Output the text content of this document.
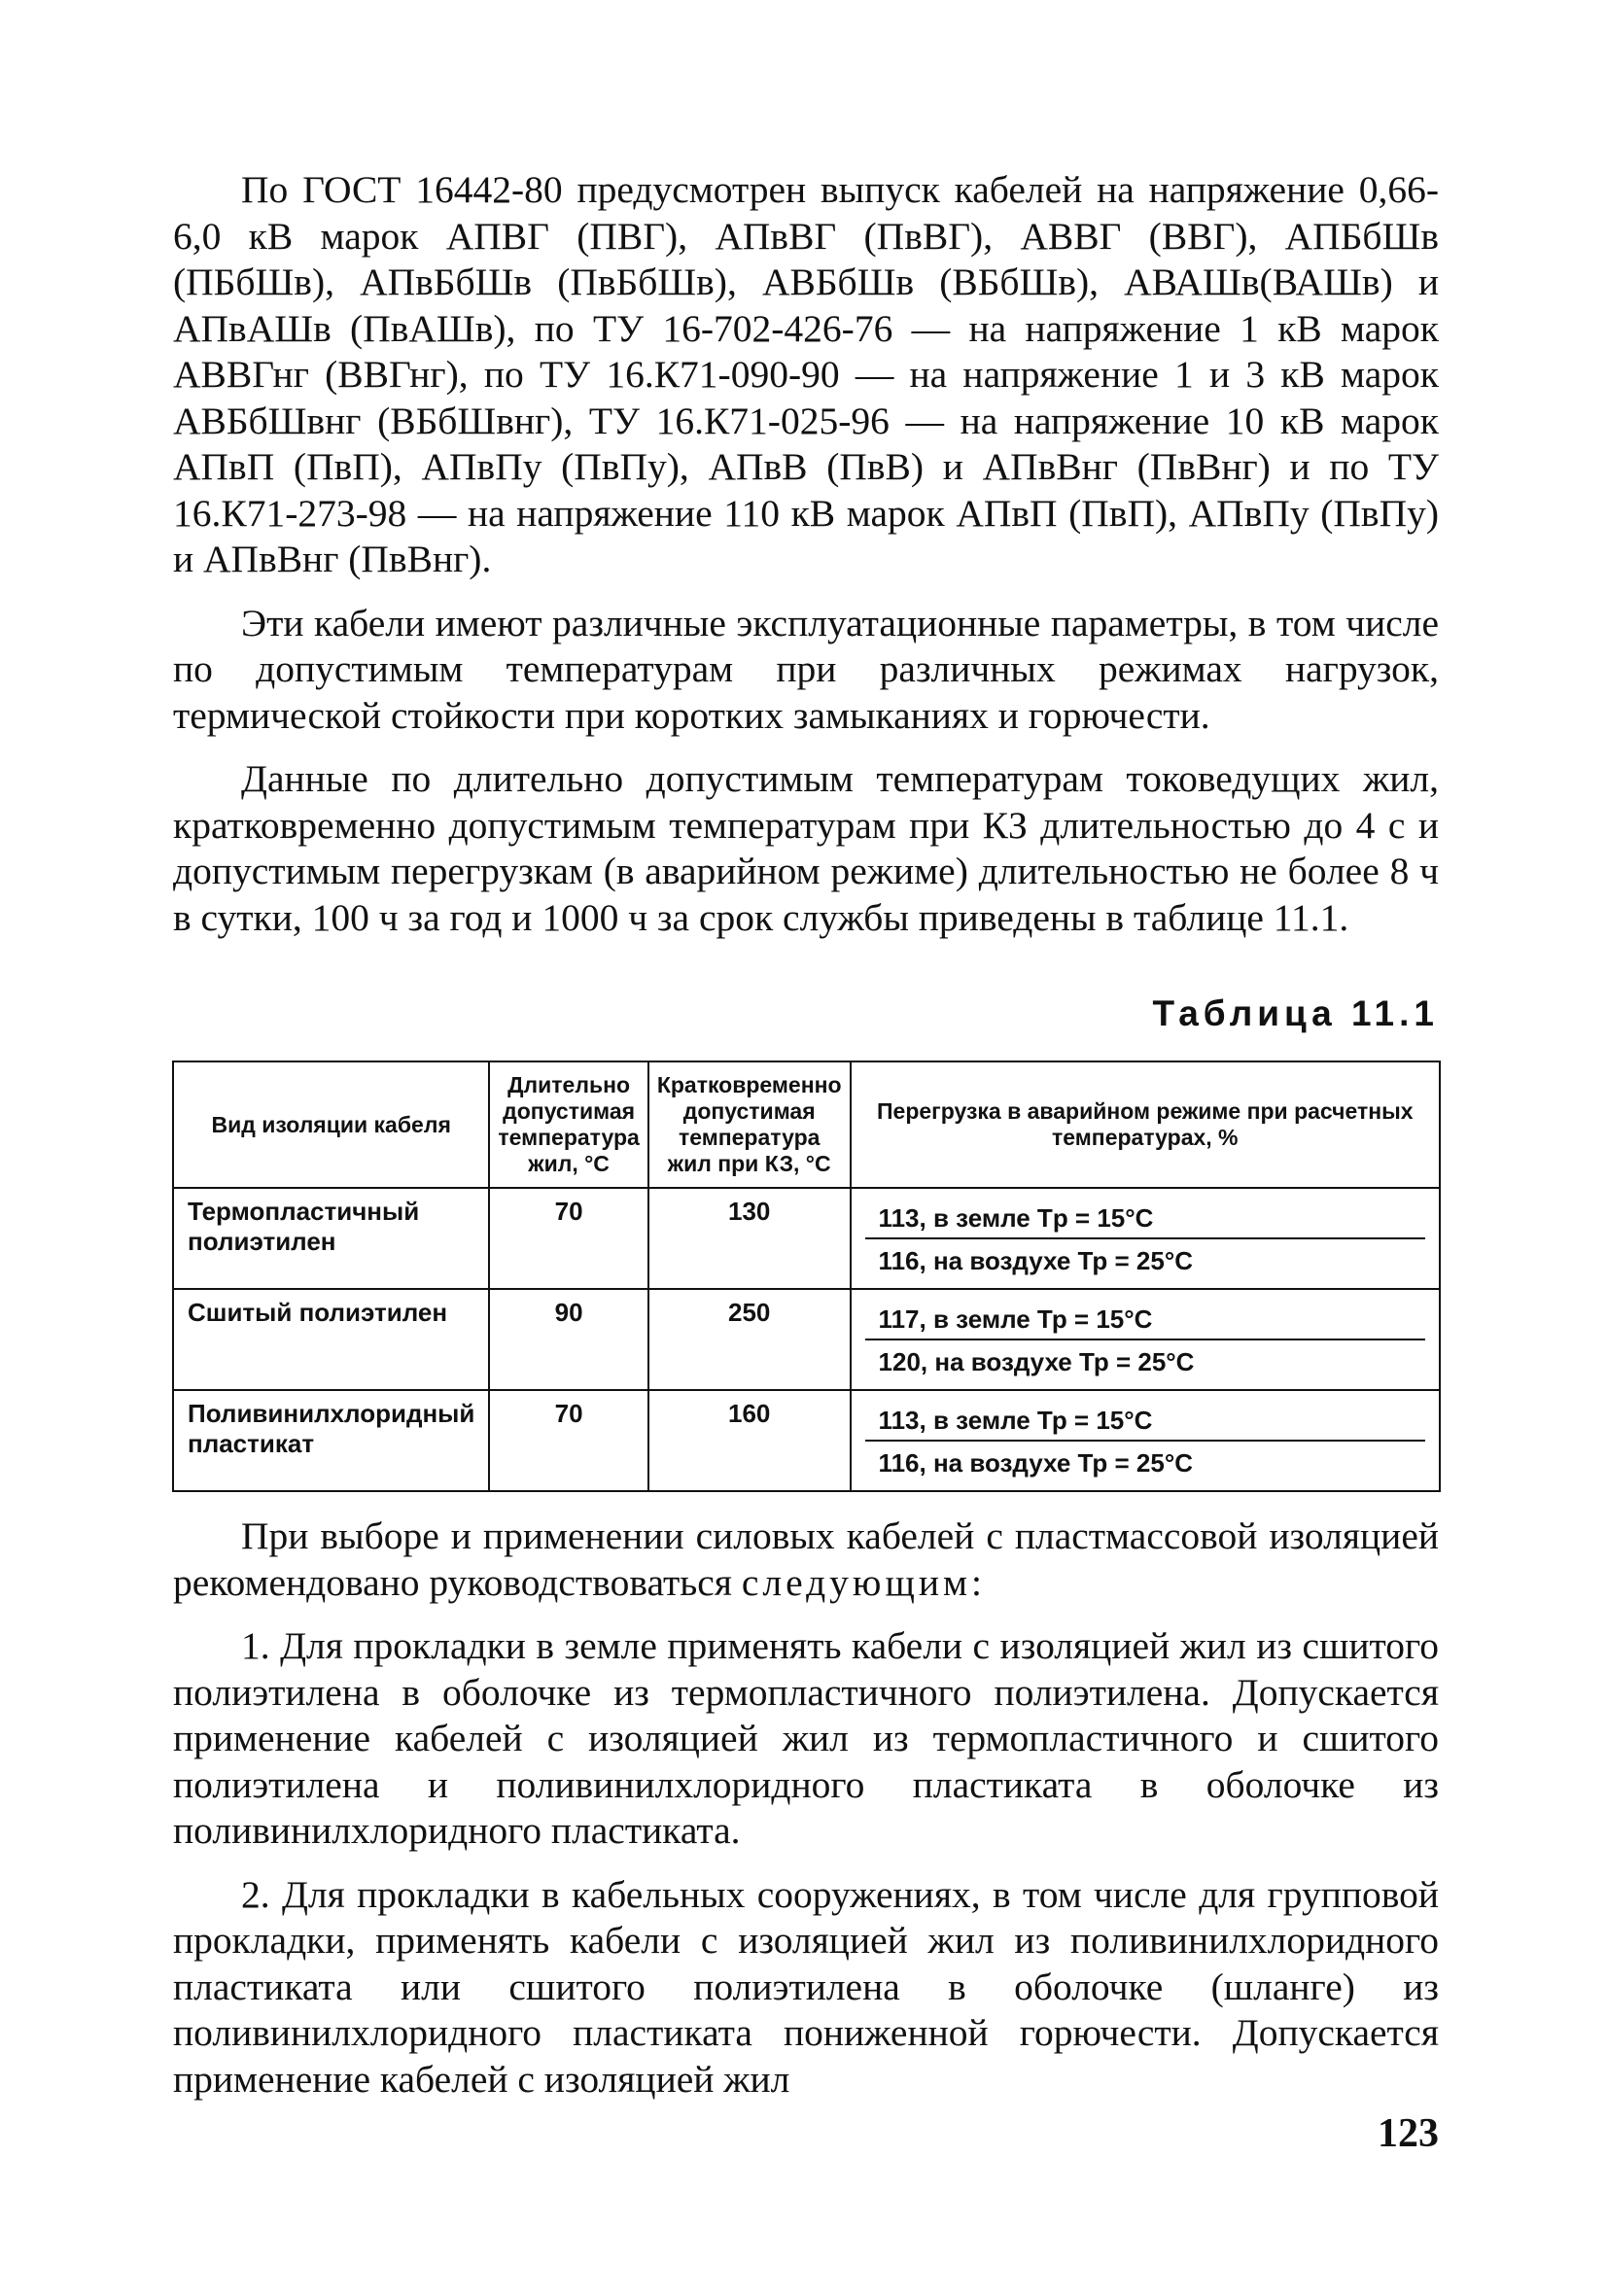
По ГОСТ 16442-80 предусмотрен выпуск кабелей на напряжение 0,66-6,0 кВ марок АПВГ (ПВГ), АПвВГ (ПвВГ), АВВГ (ВВГ), АПБбШв (ПБбШв), АПвБбШв (ПвБбШв), АВБбШв (ВБбШв), АВАШв(ВАШв) и АПвАШв (ПвАШв), по ТУ 16-702-426-76 — на напряжение 1 кВ марок АВВГнг (ВВГнг), по ТУ 16.К71-090-90 — на напряжение 1 и 3 кВ марок АВБбШвнг (ВБбШвнг), ТУ 16.К71-025-96 — на напряжение 10 кВ марок АПвП (ПвП), АПвПу (ПвПу), АПвВ (ПвВ) и АПвВнг (ПвВнг) и по ТУ 16.К71-273-98 — на напряжение 110 кВ марок АПвП (ПвП), АПвПу (ПвПу) и АПвВнг (ПвВнг).

Эти кабели имеют различные эксплуатационные параметры, в том числе по допустимым температурам при различных режимах нагрузок, термической стойкости при коротких замыканиях и горючести.

Данные по длительно допустимым температурам токоведущих жил, кратковременно допустимым температурам при КЗ длительностью до 4 с и допустимым перегрузкам (в аварийном режиме) длительностью не более 8 ч в сутки, 100 ч за год и 1000 ч за срок службы приведены в таблице 11.1.

Таблица 11.1
Вид изоляции кабеля	Длительно допустимая температура жил, °С	Кратковременно допустимая температура жил при КЗ, °С	Перегрузка в аварийном режиме при расчетных температурах, %
Термопластичный полиэтилен	70	130	113, в земле Tр = 15°С
116, на воздухе Тр = 25°С

Сшитый полиэтилен	90	250	117, в земле Тр = 15°С
120, на воздухе Тр = 25°С

Поливинилхлоридный пластикат	70	160	113, в земле Тр = 15°С
116, на воздухе Тр = 25°С

При выборе и применении силовых кабелей с пластмассовой изоляцией рекомендовано руководствоваться следующим:

1. Для прокладки в земле применять кабели с изоляцией жил из сшитого полиэтилена в оболочке из термопластичного полиэтилена. Допускается применение кабелей с изоляцией жил из термопластичного и сшитого полиэтилена и поливинилхлоридного пластиката в оболочке из поливинилхлоридного пластиката.

2. Для прокладки в кабельных сооружениях, в том числе для групповой прокладки, применять кабели с изоляцией жил из поливинилхлоридного пластиката или сшитого полиэтилена в оболочке (шланге) из поливинилхлоридного пластиката пониженной горючести. Допускается применение кабелей с изоляцией жил

123
